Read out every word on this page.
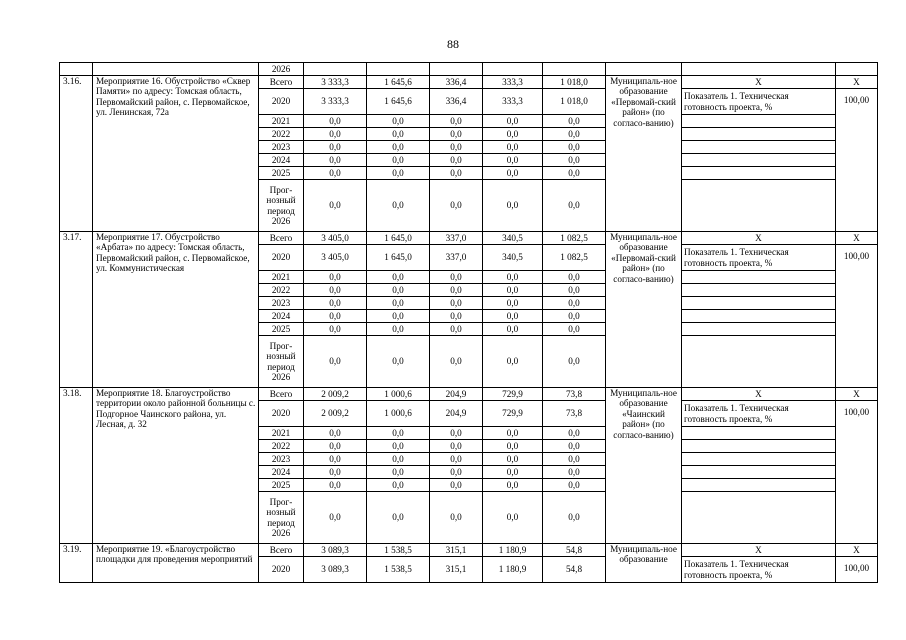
88
		2026								
3.16.	Мероприятие 16. Обустройство «Сквер Памяти» по адресу: Томская область, Первомайский район, с. Первомайское, ул. Ленинская, 72а	Всего	3 333,3	1 645,6	336,4	333,3	1 018,0	Муниципаль-ное образование «Первомай-ский район» (по согласо-ванию)	Х	Х
		2020	3 333,3	1 645,6	336,4	333,3	1 018,0		Показатель 1. Техническая готовность проекта, %	100,00
		2021	0,0	0,0	0,0	0,0	0,0			
		2022	0,0	0,0	0,0	0,0	0,0			
		2023	0,0	0,0	0,0	0,0	0,0			
		2024	0,0	0,0	0,0	0,0	0,0			
		2025	0,0	0,0	0,0	0,0	0,0			
		Прог-нозный период 2026	0,0	0,0	0,0	0,0	0,0			
3.17.	Мероприятие 17. Обустройство «Арбата» по адресу: Томская область, Первомайский район, с. Первомайское, ул. Коммунистическая	Всего	3 405,0	1 645,0	337,0	340,5	1 082,5	Муниципаль-ное образование «Первомай-ский район» (по согласо-ванию)	Х	Х
		2020	3 405,0	1 645,0	337,0	340,5	1 082,5		Показатель 1. Техническая готовность проекта, %	100,00
		2021	0,0	0,0	0,0	0,0	0,0			
		2022	0,0	0,0	0,0	0,0	0,0			
		2023	0,0	0,0	0,0	0,0	0,0			
		2024	0,0	0,0	0,0	0,0	0,0			
		2025	0,0	0,0	0,0	0,0	0,0			
		Прог-нозный период 2026	0,0	0,0	0,0	0,0	0,0			
3.18.	Мероприятие 18. Благоустройство территории около районной больницы с. Подгорное Чаинского района, ул. Лесная, д. 32	Всего	2 009,2	1 000,6	204,9	729,9	73,8	Муниципаль-ное образование «Чаинский район» (по согласо-ванию)	Х	Х
		2020	2 009,2	1 000,6	204,9	729,9	73,8		Показатель 1. Техническая готовность проекта, %	100,00
		2021	0,0	0,0	0,0	0,0	0,0			
		2022	0,0	0,0	0,0	0,0	0,0			
		2023	0,0	0,0	0,0	0,0	0,0			
		2024	0,0	0,0	0,0	0,0	0,0			
		2025	0,0	0,0	0,0	0,0	0,0			
		Прог-нозный период 2026	0,0	0,0	0,0	0,0	0,0			
3.19.	Мероприятие 19. «Благоустройство площадки для проведения мероприятий	Всего	3 089,3	1 538,5	315,1	1 180,9	54,8	Муниципаль-ное образование	Х	Х
		2020	3 089,3	1 538,5	315,1	1 180,9	54,8		Показатель 1. Техническая готовность проекта, %	100,00
